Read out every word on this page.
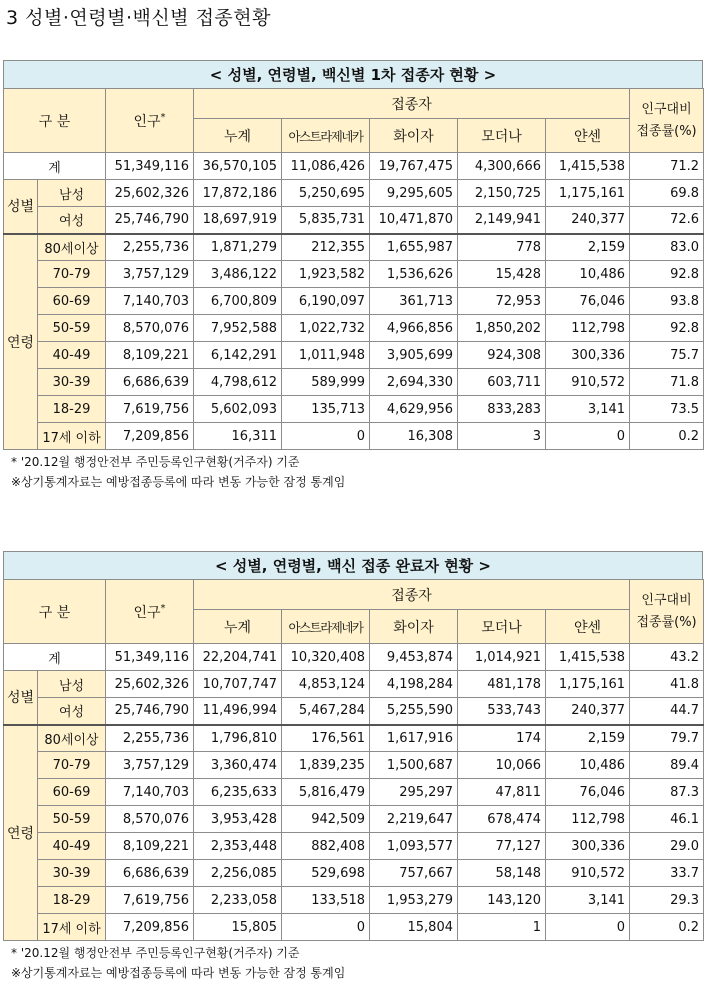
3 성별·연령별·백신별 접종현황
< 성별, 연령별, 백신별 1차 접종자 현황 >
구 분		인구*	접종자					인구대비
접종률(%)

			누계	아스트라제네카	화이자	모더나	얀센	
계		51,349,116	36,570,105	11,086,426	19,767,475	4,300,666	1,415,538	71.2
성별	남성	25,602,326	17,872,186	5,250,695	9,295,605	2,150,725	1,175,161	69.8
	여성	25,746,790	18,697,919	5,835,731	10,471,870	2,149,941	240,377	72.6
연령	80세이상	2,255,736	1,871,279	212,355	1,655,987	778	2,159	83.0
	70-79	3,757,129	3,486,122	1,923,582	1,536,626	15,428	10,486	92.8
	60-69	7,140,703	6,700,809	6,190,097	361,713	72,953	76,046	93.8
	50-59	8,570,076	7,952,588	1,022,732	4,966,856	1,850,202	112,798	92.8
	40-49	8,109,221	6,142,291	1,011,948	3,905,699	924,308	300,336	75.7
	30-39	6,686,639	4,798,612	589,999	2,694,330	603,711	910,572	71.8
	18-29	7,619,756	5,602,093	135,713	4,629,956	833,283	3,141	73.5
	17세 이하	7,209,856	16,311	0	16,308	3	0	0.2
* '20.12월 행정안전부 주민등록인구현황(거주자) 기준
※상기통계자료는 예방접종등록에 따라 변동 가능한 잠정 통계임
< 성별, 연령별, 백신 접종 완료자 현황 >
구 분		인구*	접종자					인구대비
접종률(%)

			누계	아스트라제네카	화이자	모더나	얀센	
계		51,349,116	22,204,741	10,320,408	9,453,874	1,014,921	1,415,538	43.2
성별	남성	25,602,326	10,707,747	4,853,124	4,198,284	481,178	1,175,161	41.8
	여성	25,746,790	11,496,994	5,467,284	5,255,590	533,743	240,377	44.7
연령	80세이상	2,255,736	1,796,810	176,561	1,617,916	174	2,159	79.7
	70-79	3,757,129	3,360,474	1,839,235	1,500,687	10,066	10,486	89.4
	60-69	7,140,703	6,235,633	5,816,479	295,297	47,811	76,046	87.3
	50-59	8,570,076	3,953,428	942,509	2,219,647	678,474	112,798	46.1
	40-49	8,109,221	2,353,448	882,408	1,093,577	77,127	300,336	29.0
	30-39	6,686,639	2,256,085	529,698	757,667	58,148	910,572	33.7
	18-29	7,619,756	2,233,058	133,518	1,953,279	143,120	3,141	29.3
	17세 이하	7,209,856	15,805	0	15,804	1	0	0.2
* '20.12월 행정안전부 주민등록인구현황(거주자) 기준
※상기통계자료는 예방접종등록에 따라 변동 가능한 잠정 통계임
